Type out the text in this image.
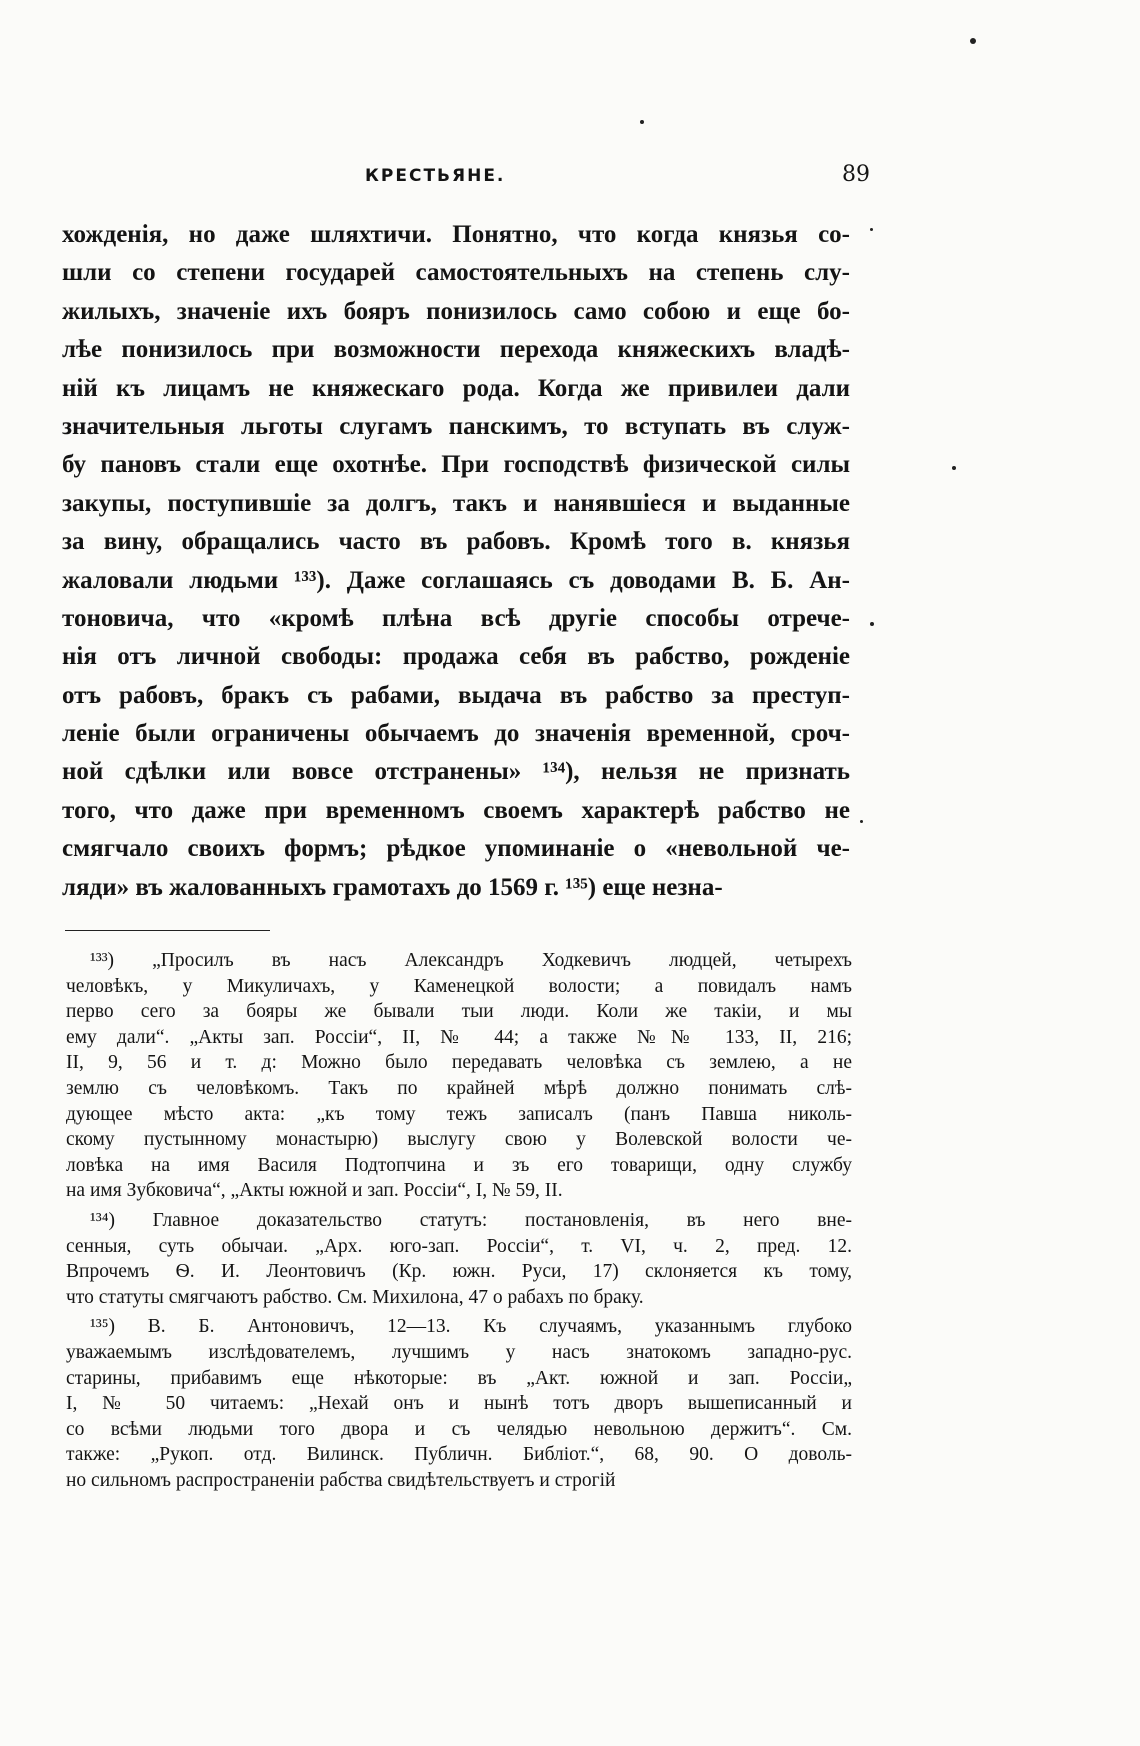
КРЕСТЬЯНЕ.	89
хожденія, но даже шляхтичи. Понятно, что когда князья со-
шли со степени государей самостоятельныхъ на степень слу-
жилыхъ, значеніе ихъ бояръ понизилось само собою и еще бо-
лѣе понизилось при возможности перехода княжескихъ владѣ-
ній къ лицамъ не княжескаго рода. Когда же привилеи дали
значительныя льготы слугамъ панскимъ, то вступать въ служ-
бу пановъ стали еще охотнѣе. При господствѣ физической силы
закупы, поступившіе за долгъ, такъ и нанявшіеся и выданные
за вину, обращались часто въ рабовъ. Кромѣ того в. князья
жаловали людьми ¹³³). Даже соглашаясь съ доводами В. Б. Ан-
тоновича, что «кромѣ плѣна всѣ другіе способы отрече-
нія отъ личной свободы: продажа себя въ рабство, рожденіе
отъ рабовъ, бракъ съ рабами, выдача въ рабство за преступ-
леніе были ограничены обычаемъ до значенія временной, сроч-
ной сдѣлки или вовсе отстранены» ¹³⁴), нельзя не признать
того, что даже при временномъ своемъ характерѣ рабство не
смягчало своихъ формъ; рѣдкое упоминаніе о «невольной че-
ляди» въ жалованныхъ грамотахъ до 1569 г. ¹³⁵) еще незна-
¹³³) „Просилъ въ насъ Александръ Ходкевичъ людцей, четырехъ
человѣкъ, у Микуличахъ, у Каменецкой волости; а повидалъ намъ
перво сего за бояры же бывали тыи люди. Коли же такіи, и мы
ему дали“. „Акты зап. Россіи“, II, № 44; а также №№ 133, II, 216;
II, 9, 56 и т. д: Можно было передавать человѣка съ землею, а не
землю съ человѣкомъ. Такъ по крайней мѣрѣ должно понимать слѣ-
дующее мѣсто акта: „къ тому тежъ записалъ (панъ Павша николь-
скому пустынному монастырю) выслугу свою у Волевской волости че-
ловѣка на имя Василя Подтопчина и зъ его товарищи, одну службу
на имя Зубковича“, „Акты южной и зап. Россіи“, I, № 59, II.
¹³⁴) Главное доказательство статутъ: постановленія, въ него вне-
сенныя, суть обычаи. „Арх. юго-зап. Россіи“, т. VI, ч. 2, пред. 12.
Впрочемъ Ѳ. И. Леонтовичъ (Кр. южн. Руси, 17) склоняется къ тому,
что статуты смягчаютъ рабство. См. Михилона, 47 о рабахъ по браку.
¹³⁵) В. Б. Антоновичъ, 12—13. Къ случаямъ, указаннымъ глубоко
уважаемымъ изслѣдователемъ, лучшимъ у насъ знатокомъ западно-рус.
старины, прибавимъ еще нѣкоторые: въ „Акт. южной и зап. Россіи„
I, № 50 читаемъ: „Нехай онъ и нынѣ тотъ дворъ вышеписанный и
со всѣми людьми того двора и съ челядью невольною держитъ“. См.
также: „Рукоп. отд. Вилинск. Публичн. Библіот.“, 68, 90. О доволь-
но сильномъ распространеніи рабства свидѣтельствуетъ и строгій
